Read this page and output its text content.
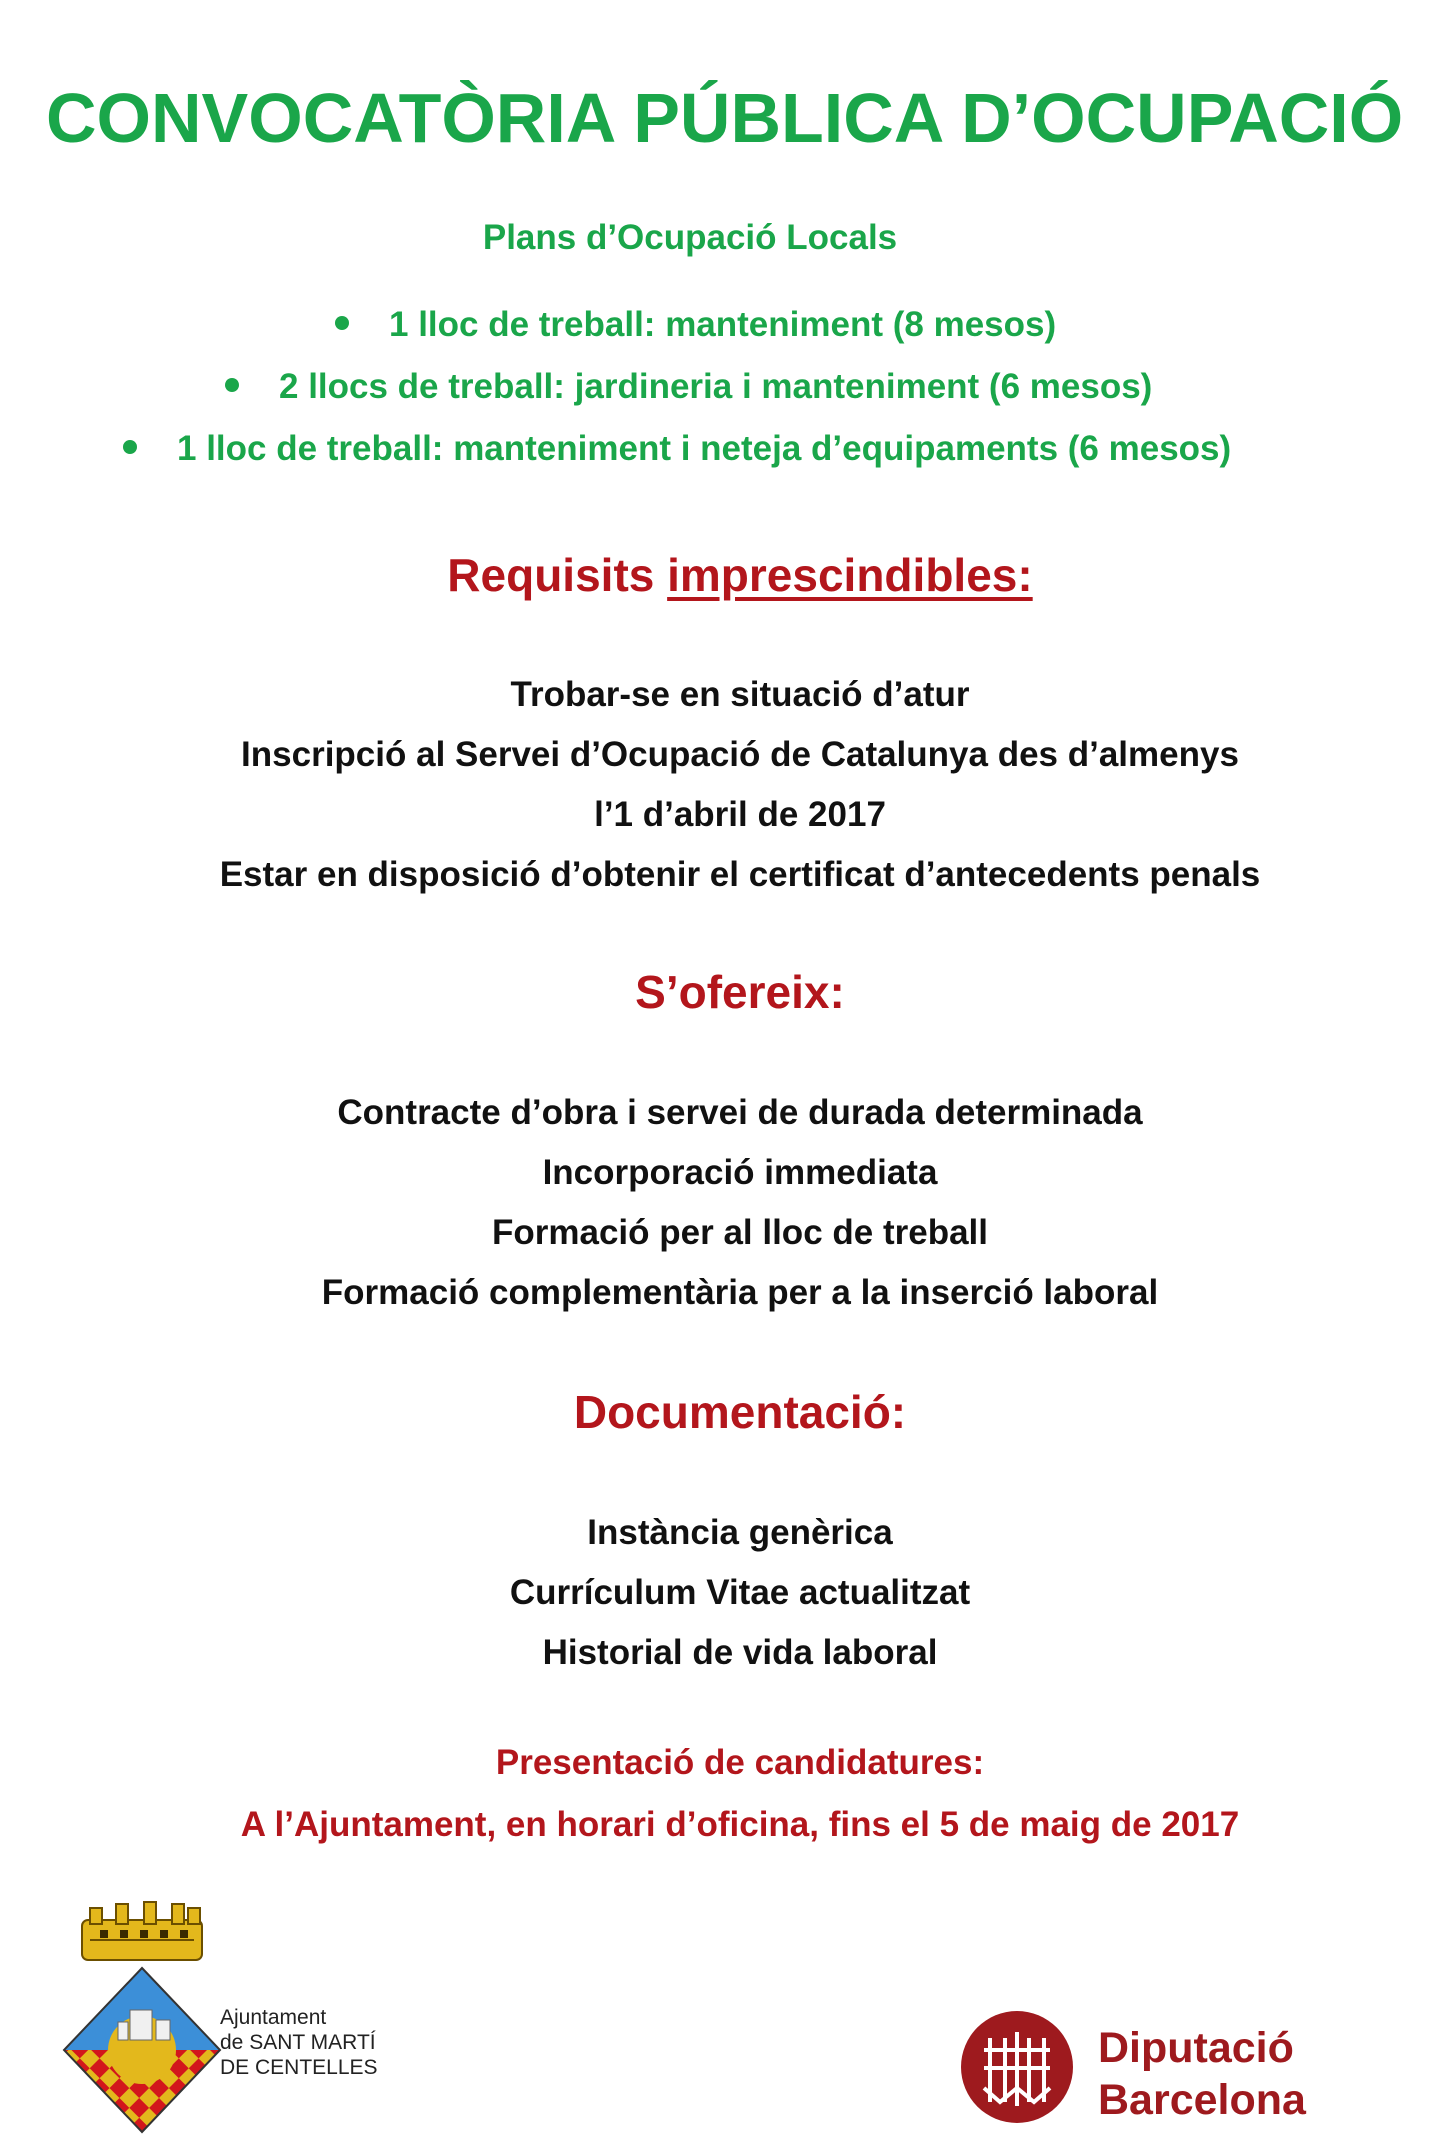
CONVOCATÒRIA PÚBLICA D’OCUPACIÓ

Plans d’Ocupació Locals

1 lloc de treball: manteniment (8 mesos)
2 llocs de treball: jardineria i manteniment (6 mesos)
1 lloc de treball: manteniment i neteja d’equipaments (6 mesos)
Requisits imprescindibles:
Trobar-se en situació d’atur
Inscripció al Servei d’Ocupació de Catalunya des d’almenys
l’1 d’abril de 2017
Estar en disposició d’obtenir el certificat d’antecedents penals
S’ofereix:
Contracte d’obra i servei de durada determinada
Incorporació immediata
Formació per al lloc de treball
Formació complementària per a la inserció laboral
Documentació:
Instància genèrica
Currículum Vitae actualitzat
Historial de vida laboral

Presentació de candidatures:

A l’Ajuntament, en horari d’oficina, fins el 5 de maig de 2017

Ajuntament
de SANT MARTÍ
DE CENTELLES	Diputació
Barcelona
